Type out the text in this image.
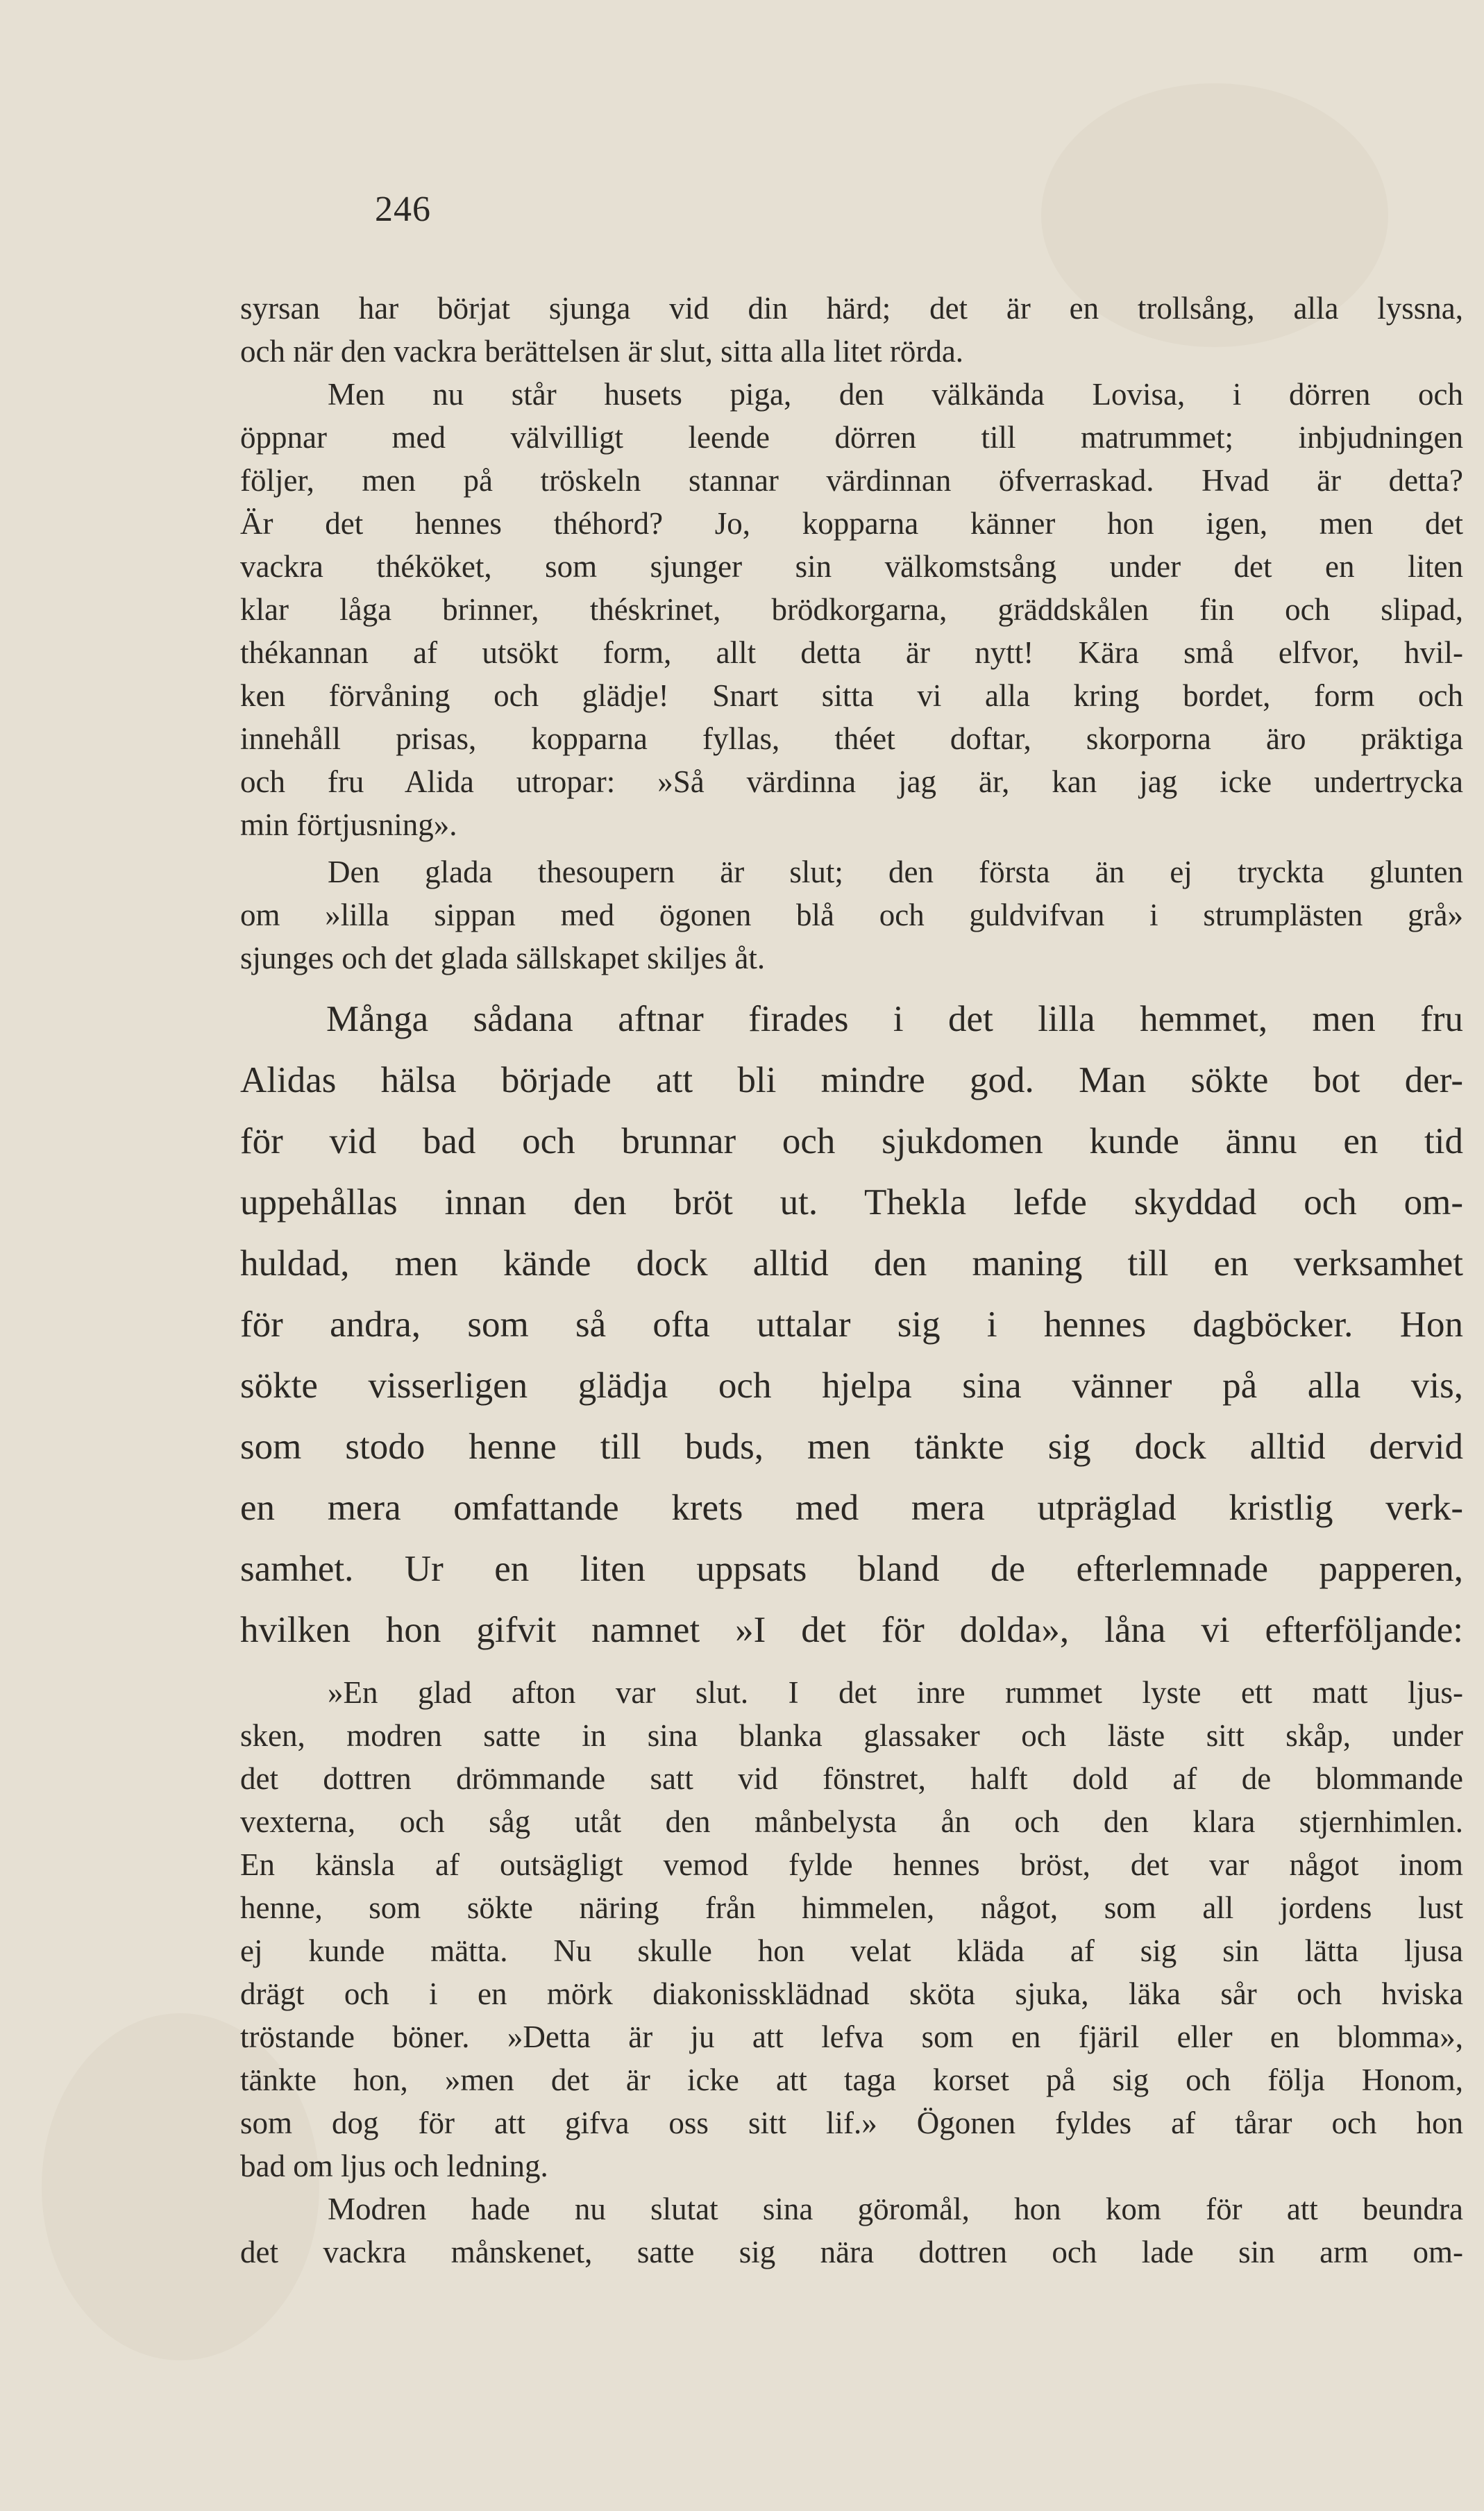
246
syrsan har börjat sjunga vid din härd; det är en trollsång, alla lyssna,
och när den vackra berättelsen är slut, sitta alla litet rörda.
Men nu står husets piga, den välkända Lovisa, i dörren och
öppnar med välvilligt leende dörren till matrummet; inbjudningen
följer, men på tröskeln stannar värdinnan öfverraskad. Hvad är detta?
Är det hennes théhord? Jo, kopparna känner hon igen, men det
vackra théköket, som sjunger sin välkomstsång under det en liten
klar låga brinner, théskrinet, brödkorgarna, gräddskålen fin och slipad,
thékannan af utsökt form, allt detta är nytt! Kära små elfvor, hvil-
ken förvåning och glädje! Snart sitta vi alla kring bordet, form och
innehåll prisas, kopparna fyllas, théet doftar, skorporna äro präktiga
och fru Alida utropar: »Så värdinna jag är, kan jag icke undertrycka
min förtjusning».
Den glada thesoupern är slut; den första än ej tryckta glunten
om »lilla sippan med ögonen blå och guldvifvan i strumplästen grå»
sjunges och det glada sällskapet skiljes åt.
Många sådana aftnar firades i det lilla hemmet, men fru
Alidas hälsa började att bli mindre god. Man sökte bot der-
för vid bad och brunnar och sjukdomen kunde ännu en tid
uppehållas innan den bröt ut. Thekla lefde skyddad och om-
huldad, men kände dock alltid den maning till en verksamhet
för andra, som så ofta uttalar sig i hennes dagböcker. Hon
sökte visserligen glädja och hjelpa sina vänner på alla vis,
som stodo henne till buds, men tänkte sig dock alltid dervid
en mera omfattande krets med mera utpräglad kristlig verk-
samhet. Ur en liten uppsats bland de efterlemnade papperen,
hvilken hon gifvit namnet »I det för dolda», låna vi efterföljande:
»En glad afton var slut. I det inre rummet lyste ett matt ljus-
sken, modren satte in sina blanka glassaker och läste sitt skåp, under
det dottren drömmande satt vid fönstret, halft dold af de blommande
vexterna, och såg utåt den månbelysta ån och den klara stjernhimlen.
En känsla af outsägligt vemod fylde hennes bröst, det var något inom
henne, som sökte näring från himmelen, något, som all jordens lust
ej kunde mätta. Nu skulle hon velat kläda af sig sin lätta ljusa
drägt och i en mörk diakonissklädnad sköta sjuka, läka sår och hviska
tröstande böner. »Detta är ju att lefva som en fjäril eller en blomma»,
tänkte hon, »men det är icke att taga korset på sig och följa Honom,
som dog för att gifva oss sitt lif.» Ögonen fyldes af tårar och hon
bad om ljus och ledning.
Modren hade nu slutat sina göromål, hon kom för att beundra
det vackra månskenet, satte sig nära dottren och lade sin arm om-
